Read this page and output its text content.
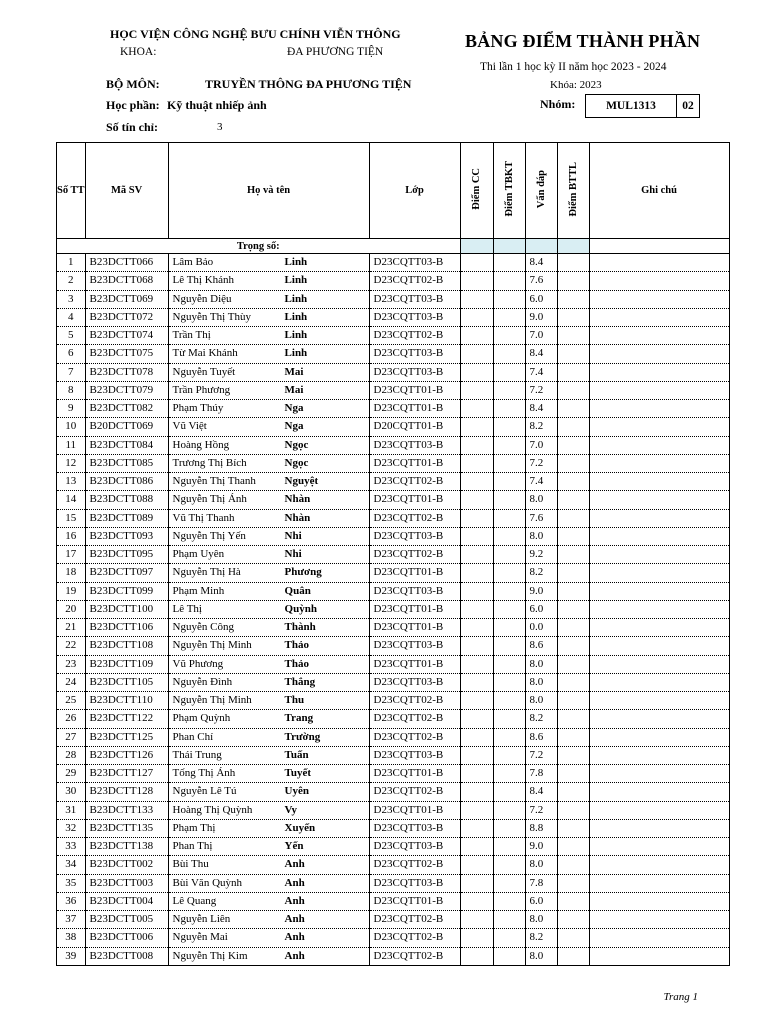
HỌC VIỆN CÔNG NGHỆ BƯU CHÍNH VIỄN THÔNG
KHOA:	ĐA PHƯƠNG TIỆN
BẢNG ĐIỂM THÀNH PHẦN
Thi lần 1 học kỳ II năm học 2023 - 2024
Khóa: 2023
BỘ MÔN:	TRUYỀN THÔNG ĐA PHƯƠNG TIỆN
Học phần: Kỹ thuật nhiếp ảnh
Số tín chỉ:	3
Nhóm:	MUL1313	02
Số TT	Mã SV	Họ và tên	Lớp	Điểm CC	Điểm TBKT	Vấn đáp	Điểm BTTL	Ghi chú
Trọng số:								
1	B23DCTT066	Lâm Bảo Linh	D23CQTT03-B			8.4		
2	B23DCTT068	Lê Thị Khánh Linh	D23CQTT02-B			7.6		
3	B23DCTT069	Nguyễn Diệu Linh	D23CQTT03-B			6.0		
4	B23DCTT072	Nguyễn Thị Thùy Linh	D23CQTT03-B			9.0		
5	B23DCTT074	Trần Thị Linh	D23CQTT02-B			7.0		
6	B23DCTT075	Từ Mai Khánh Linh	D23CQTT03-B			8.4		
7	B23DCTT078	Nguyễn Tuyết Mai	D23CQTT03-B			7.4		
8	B23DCTT079	Trần Phương Mai	D23CQTT01-B			7.2		
9	B23DCTT082	Phạm Thúy Nga	D23CQTT01-B			8.4		
10	B20DCTT069	Vũ Việt Nga	D20CQTT01-B			8.2		
11	B23DCTT084	Hoàng Hồng Ngọc	D23CQTT03-B			7.0		
12	B23DCTT085	Trương Thị Bích Ngọc	D23CQTT01-B			7.2		
13	B23DCTT086	Nguyễn Thị Thanh Nguyệt	D23CQTT02-B			7.4		
14	B23DCTT088	Nguyễn Thị Ánh Nhàn	D23CQTT01-B			8.0		
15	B23DCTT089	Vũ Thị Thanh Nhàn	D23CQTT02-B			7.6		
16	B23DCTT093	Nguyễn Thị Yến Nhi	D23CQTT03-B			8.0		
17	B23DCTT095	Phạm Uyên Nhi	D23CQTT02-B			9.2		
18	B23DCTT097	Nguyễn Thị Hà Phương	D23CQTT01-B			8.2		
19	B23DCTT099	Phạm Minh Quân	D23CQTT03-B			9.0		
20	B23DCTT100	Lê Thị Quỳnh	D23CQTT01-B			6.0		
21	B23DCTT106	Nguyễn Công Thành	D23CQTT01-B			0.0		
22	B23DCTT108	Nguyễn Thị Minh Thảo	D23CQTT03-B			8.6		
23	B23DCTT109	Vũ Phương Thảo	D23CQTT01-B			8.0		
24	B23DCTT105	Nguyễn Đình Thắng	D23CQTT03-B			8.0		
25	B23DCTT110	Nguyễn Thị Minh Thu	D23CQTT02-B			8.0		
26	B23DCTT122	Phạm Quỳnh Trang	D23CQTT02-B			8.2		
27	B23DCTT125	Phan Chí Trường	D23CQTT02-B			8.6		
28	B23DCTT126	Thái Trung Tuấn	D23CQTT03-B			7.2		
29	B23DCTT127	Tống Thị Ánh Tuyết	D23CQTT01-B			7.8		
30	B23DCTT128	Nguyễn Lê Tú Uyên	D23CQTT02-B			8.4		
31	B23DCTT133	Hoàng Thị Quỳnh Vy	D23CQTT01-B			7.2		
32	B23DCTT135	Phạm Thị Xuyến	D23CQTT03-B			8.8		
33	B23DCTT138	Phan Thị Yến	D23CQTT03-B			9.0		
34	B23DCTT002	Bùi Thu Anh	D23CQTT02-B			8.0		
35	B23DCTT003	Bùi Văn Quỳnh Anh	D23CQTT03-B			7.8		
36	B23DCTT004	Lê Quang Anh	D23CQTT01-B			6.0		
37	B23DCTT005	Nguyễn Liên Anh	D23CQTT02-B			8.0		
38	B23DCTT006	Nguyễn Mai Anh	D23CQTT02-B			8.2		
39	B23DCTT008	Nguyễn Thị Kim Anh	D23CQTT02-B			8.0		
Trang 1
